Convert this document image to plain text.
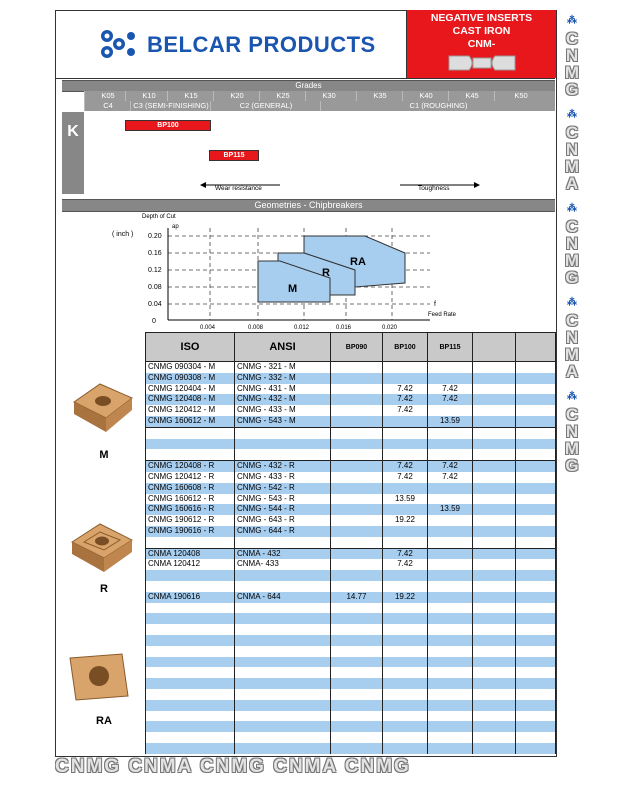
BELCAR PRODUCTS
NEGATIVE INSERTS
CAST IRON
CNM-
Grades
K05	K10	K15	K20	K25	K30	K35	K40	K45	K50
C4	C3 (SEMI-FINISHING)	C2 (GENERAL)	C1 (ROUGHING)
K	BP100
BP115
Wear resistance	Toughness
Geometries - Chipbreakers
Depth of Cut
ap
( inch ) 0.20
0.16
0.12
0.08
0.04
0
0.004	0.008	0.012	0.016	0.020
f
Feed Rate
M
R
RA
M
R
RA
ISO	ANSI	BP090	BP100	BP115		
CNMG 090304 - M	CNMG - 321 - M					
CNMG 090308 - M	CNMG - 332 - M					
CNMG 120404 - M	CNMG - 431 - M		7.42	7.42		
CNMG 120408 - M	CNMG - 432 - M		7.42	7.42		
CNMG 120412 - M	CNMG - 433 - M		7.42			
CNMG 160612 - M	CNMG - 543 - M			13.59		

CNMG 120408 - R	CNMG - 432 - R		7.42	7.42		
CNMG 120412 - R	CNMG - 433 - R		7.42	7.42		
CNMG 160608 - R	CNMG - 542 - R					
CNMG 160612 - R	CNMG - 543 - R		13.59			
CNMG 160616 - R	CNMG - 544 - R			13.59		
CNMG 190612 - R	CNMG - 643 - R		19.22			
CNMG 190616 - R	CNMG - 644 - R					

CNMA 120408	CNMA - 432		7.42			
CNMA 120412	CNMA- 433		7.42			

CNMA 190616	CNMA - 644	14.77	19.22			

⁂
CNMG
⁂
CNMA
⁂
CNMG
⁂
CNMA
⁂
CNMG
CNMG CNMA CNMG CNMA CNMG
